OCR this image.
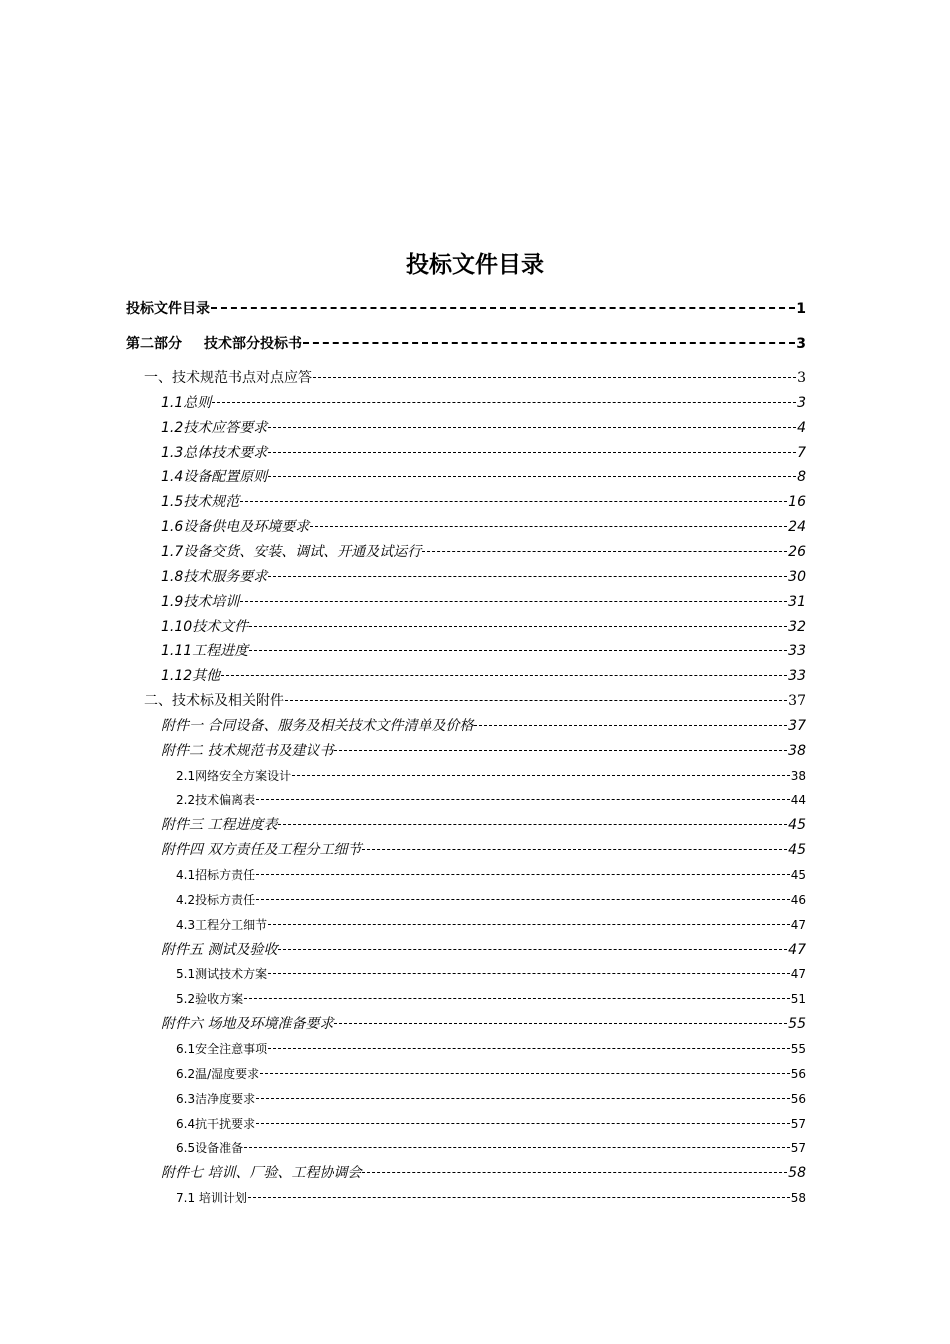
投标文件目录
投标文件目录	1
第二部分 技术部分投标书	3
一、技术规范书点对点应答	3
1.1总则	3
1.2技术应答要求	4
1.3总体技术要求	7
1.4设备配置原则	8
1.5技术规范	16
1.6设备供电及环境要求	24
1.7设备交货、安装、调试、开通及试运行	26
1.8技术服务要求	30
1.9技术培训	31
1.10技术文件	32
1.11工程进度	33
1.12其他	33
二、技术标及相关附件	37
附件一 合同设备、服务及相关技术文件清单及价格	37
附件二 技术规范书及建议书	38
2.1网络安全方案设计	38
2.2技术偏离表	44
附件三 工程进度表	45
附件四 双方责任及工程分工细节	45
4.1招标方责任	45
4.2投标方责任	46
4.3工程分工细节	47
附件五 测试及验收	47
5.1测试技术方案	47
5.2验收方案	51
附件六 场地及环境准备要求	55
6.1安全注意事项	55
6.2温/湿度要求	56
6.3洁净度要求	56
6.4抗干扰要求	57
6.5设备准备	57
附件七 培训、厂验、工程协调会	58
7.1 培训计划	58
